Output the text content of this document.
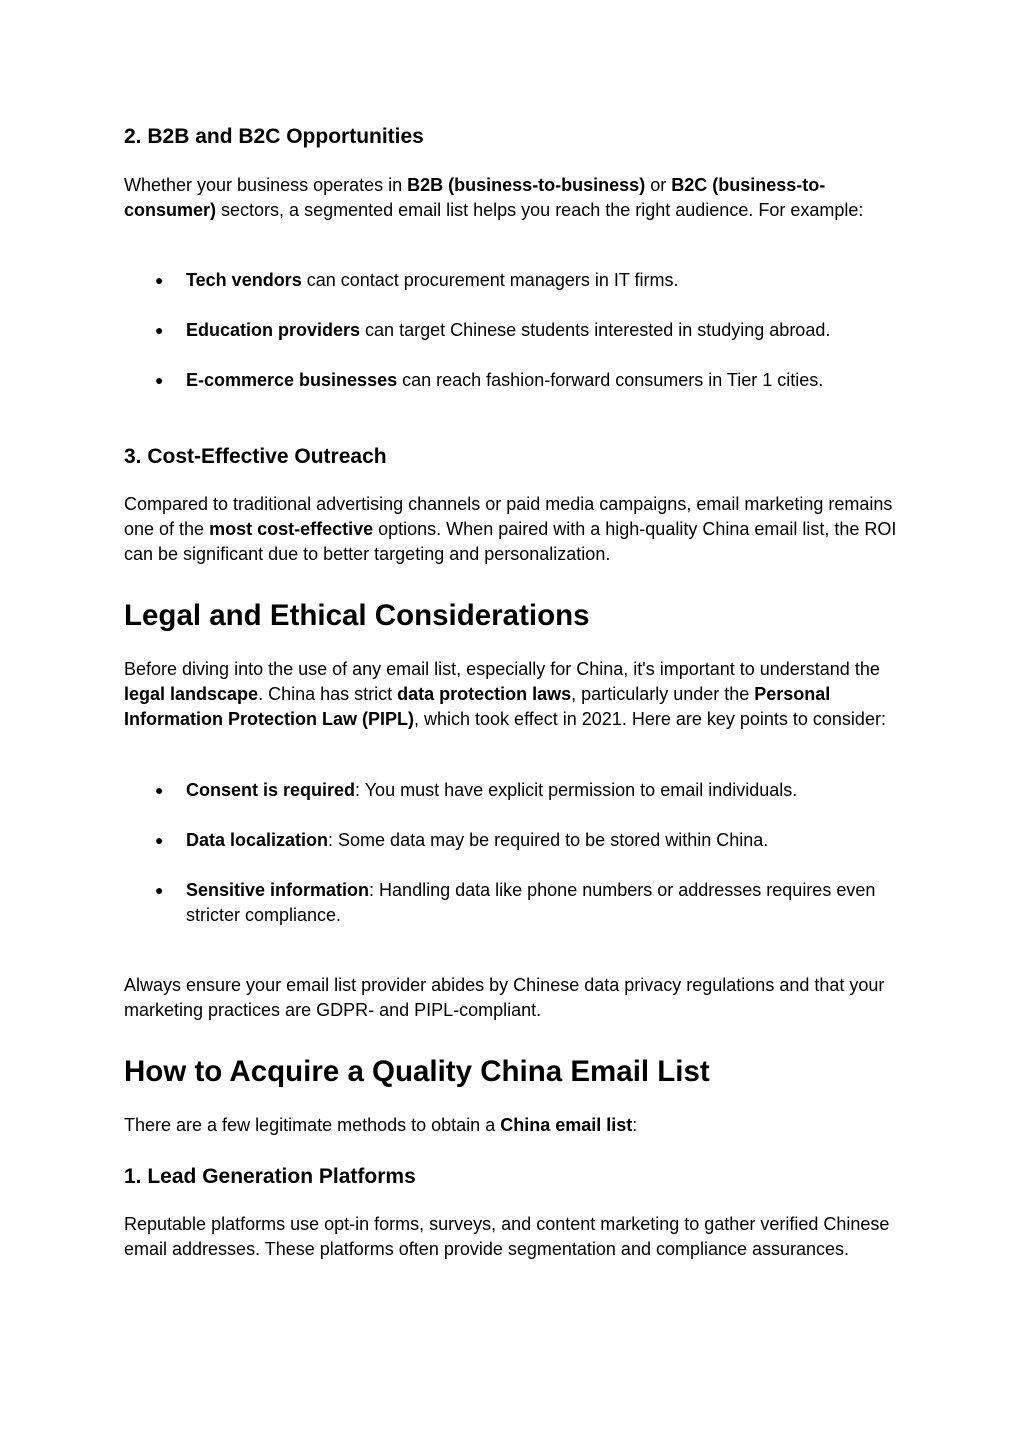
2. B2B and B2C Opportunities

Whether your business operates in B2B (business-to-business) or B2C (business-to-consumer) sectors, a segmented email list helps you reach the right audience. For example:

● Tech vendors can contact procurement managers in IT firms.
● Education providers can target Chinese students interested in studying abroad.
● E-commerce businesses can reach fashion-forward consumers in Tier 1 cities.
3. Cost-Effective Outreach

Compared to traditional advertising channels or paid media campaigns, email marketing remains one of the most cost-effective options. When paired with a high-quality China email list, the ROI can be significant due to better targeting and personalization.

Legal and Ethical Considerations

Before diving into the use of any email list, especially for China, it's important to understand the legal landscape. China has strict data protection laws, particularly under the Personal Information Protection Law (PIPL), which took effect in 2021. Here are key points to consider:

● Consent is required: You must have explicit permission to email individuals.
● Data localization: Some data may be required to be stored within China.
● Sensitive information: Handling data like phone numbers or addresses requires even stricter compliance.

Always ensure your email list provider abides by Chinese data privacy regulations and that your marketing practices are GDPR- and PIPL-compliant.

How to Acquire a Quality China Email List

There are a few legitimate methods to obtain a China email list:

1. Lead Generation Platforms

Reputable platforms use opt-in forms, surveys, and content marketing to gather verified Chinese email addresses. These platforms often provide segmentation and compliance assurances.
